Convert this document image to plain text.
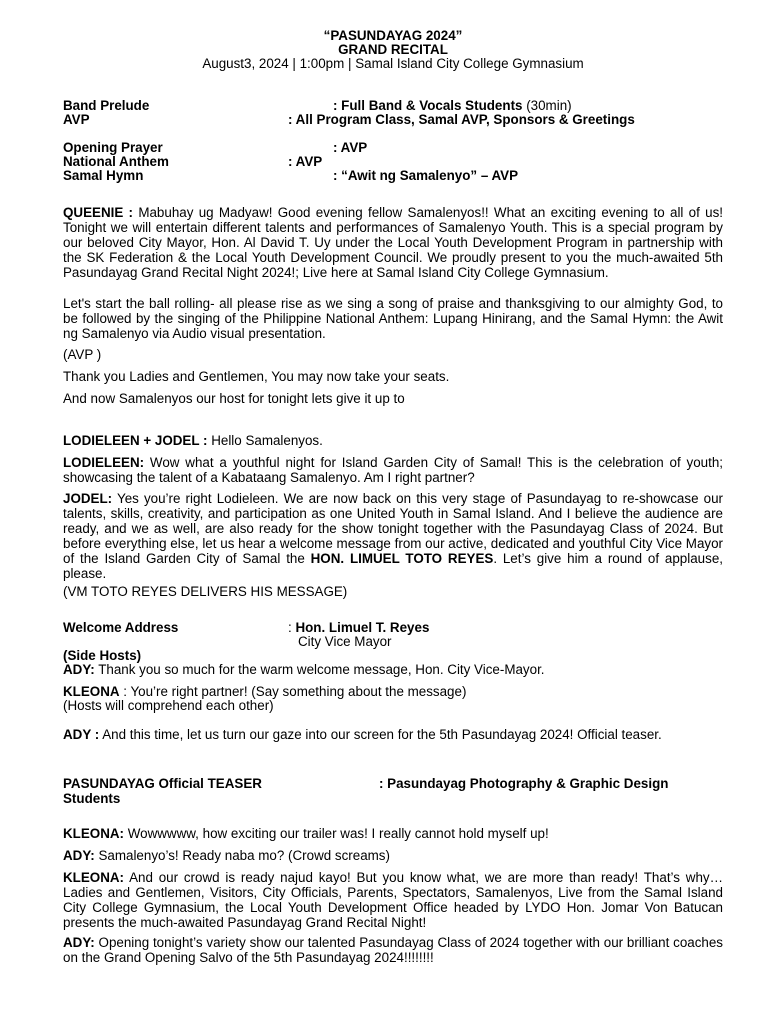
“PASUNDAYAG 2024”
GRAND RECITAL
August3, 2024 | 1:00pm | Samal Island City College Gymnasium
Band Prelude	: Full Band & Vocals Students (30min)
AVP	: All Program Class, Samal AVP, Sponsors & Greetings
Opening Prayer	: AVP
National Anthem	: AVP
Samal Hymn	: “Awit ng Samalenyo” – AVP
QUEENIE : Mabuhay ug Madyaw! Good evening fellow Samalenyos!! What an exciting evening to all of us! Tonight we will entertain different talents and performances of Samalenyo Youth. This is a special program by our beloved City Mayor, Hon. Al David T. Uy under the Local Youth Development Program in partnership with the SK Federation & the Local Youth Development Council. We proudly present to you the much-awaited 5th Pasundayag Grand Recital Night 2024!; Live here at Samal Island City College Gymnasium.
Let's start the ball rolling- all please rise as we sing a song of praise and thanksgiving to our almighty God, to be followed by the singing of the Philippine National Anthem: Lupang Hinirang, and the Samal Hymn: the Awit ng Samalenyo via Audio visual presentation.
(AVP )
Thank you Ladies and Gentlemen, You may now take your seats.
And now Samalenyos our host for tonight lets give it up to
LODIELEEN + JODEL : Hello Samalenyos.
LODIELEEN: Wow what a youthful night for Island Garden City of Samal! This is the celebration of youth; showcasing the talent of a Kabataang Samalenyo. Am I right partner?
JODEL: Yes you’re right Lodieleen. We are now back on this very stage of Pasundayag to re-showcase our talents, skills, creativity, and participation as one United Youth in Samal Island. And I believe the audience are ready, and we as well, are also ready for the show tonight together with the Pasundayag Class of 2024. But before everything else, let us hear a welcome message from our active, dedicated and youthful City Vice Mayor of the Island Garden City of Samal the HON. LIMUEL TOTO REYES. Let’s give him a round of applause, please.
(VM TOTO REYES DELIVERS HIS MESSAGE)
Welcome Address	: Hon. Limuel T. Reyes
City Vice Mayor
(Side Hosts)
ADY: Thank you so much for the warm welcome message, Hon. City Vice-Mayor.
KLEONA : You’re right partner! (Say something about the message)
(Hosts will comprehend each other)
ADY : And this time, let us turn our gaze into our screen for the 5th Pasundayag 2024! Official teaser.
PASUNDAYAG Official TEASER	: Pasundayag Photography & Graphic Design
Students
KLEONA: Wowwwww, how exciting our trailer was! I really cannot hold myself up!
ADY: Samalenyo’s! Ready naba mo? (Crowd screams)
KLEONA: And our crowd is ready najud kayo! But you know what, we are more than ready! That’s why… Ladies and Gentlemen, Visitors, City Officials, Parents, Spectators, Samalenyos, Live from the Samal Island City College Gymnasium, the Local Youth Development Office headed by LYDO Hon. Jomar Von Batucan presents the much-awaited Pasundayag Grand Recital Night!
ADY: Opening tonight’s variety show our talented Pasundayag Class of 2024 together with our brilliant coaches on the Grand Opening Salvo of the 5th Pasundayag 2024!!!!!!!!
